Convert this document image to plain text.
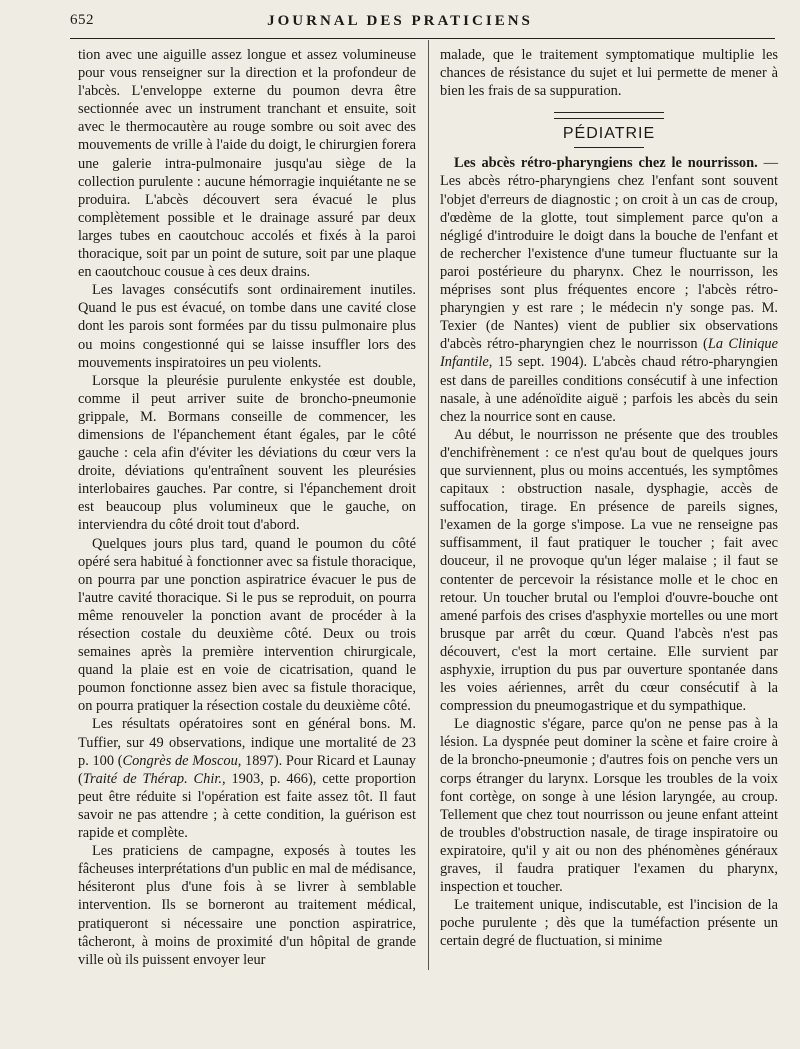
652	JOURNAL DES PRATICIENS

tion avec une aiguille assez longue et assez volumineuse pour vous renseigner sur la direction et la profondeur de l'abcès. L'enveloppe externe du poumon devra être sectionnée avec un instrument tranchant et ensuite, soit avec le thermocautère au rouge sombre ou soit avec des mouvements de vrille à l'aide du doigt, le chirurgien forera une galerie intra-pulmonaire jusqu'au siège de la collection purulente : aucune hémorragie inquiétante ne se produira. L'abcès découvert sera évacué le plus complètement possible et le drainage assuré par deux larges tubes en caoutchouc accolés et fixés à la paroi thoracique, soit par un point de suture, soit par une plaque en caoutchouc cousue à ces deux drains.

Les lavages consécutifs sont ordinairement inutiles. Quand le pus est évacué, on tombe dans une cavité close dont les parois sont formées par du tissu pulmonaire plus ou moins congestionné qui se laisse insuffler lors des mouvements inspiratoires un peu violents.

Lorsque la pleurésie purulente enkystée est double, comme il peut arriver suite de broncho-pneumonie grippale, M. Bormans conseille de commencer, les dimensions de l'épanchement étant égales, par le côté gauche : cela afin d'éviter les déviations du cœur vers la droite, déviations qu'entraînent souvent les pleurésies interlobaires gauches. Par contre, si l'épanchement droit est beaucoup plus volumineux que le gauche, on interviendra du côté droit tout d'abord.

Quelques jours plus tard, quand le poumon du côté opéré sera habitué à fonctionner avec sa fistule thoracique, on pourra par une ponction aspiratrice évacuer le pus de l'autre cavité thoracique. Si le pus se reproduit, on pourra même renouveler la ponction avant de procéder à la résection costale du deuxième côté. Deux ou trois semaines après la première intervention chirurgicale, quand la plaie est en voie de cicatrisation, quand le poumon fonctionne assez bien avec sa fistule thoracique, on pourra pratiquer la résection costale du deuxième côté.

Les résultats opératoires sont en général bons. M. Tuffier, sur 49 observations, indique une mortalité de 23 p. 100 (Congrès de Moscou, 1897). Pour Ricard et Launay (Traité de Thérap. Chir., 1903, p. 466), cette proportion peut être réduite si l'opération est faite assez tôt. Il faut savoir ne pas attendre ; à cette condition, la guérison est rapide et complète.

Les praticiens de campagne, exposés à toutes les fâcheuses interprétations d'un public en mal de médisance, hésiteront plus d'une fois à se livrer à semblable intervention. Ils se borneront au traitement médical, pratiqueront si nécessaire une ponction aspiratrice, tâcheront, à moins de proximité d'un hôpital de grande ville où ils puissent envoyer leur

malade, que le traitement symptomatique multiplie les chances de résistance du sujet et lui permette de mener à bien les frais de sa suppuration.

PÉDIATRIE

Les abcès rétro-pharyngiens chez le nourrisson. — Les abcès rétro-pharyngiens chez l'enfant sont souvent l'objet d'erreurs de diagnostic ; on croit à un cas de croup, d'œdème de la glotte, tout simplement parce qu'on a négligé d'introduire le doigt dans la bouche de l'enfant et de rechercher l'existence d'une tumeur fluctuante sur la paroi postérieure du pharynx. Chez le nourrisson, les méprises sont plus fréquentes encore ; l'abcès rétro-pharyngien y est rare ; le médecin n'y songe pas. M. Texier (de Nantes) vient de publier six observations d'abcès rétro-pharyngien chez le nourrisson (La Clinique Infantile, 15 sept. 1904). L'abcès chaud rétro-pharyngien est dans de pareilles conditions consécutif à une infection nasale, à une adénoïdite aiguë ; parfois les abcès du sein chez la nourrice sont en cause.

Au début, le nourrisson ne présente que des troubles d'enchifrènement : ce n'est qu'au bout de quelques jours que surviennent, plus ou moins accentués, les symptômes capitaux : obstruction nasale, dysphagie, accès de suffocation, tirage. En présence de pareils signes, l'examen de la gorge s'impose. La vue ne renseigne pas suffisamment, il faut pratiquer le toucher ; fait avec douceur, il ne provoque qu'un léger malaise ; il faut se contenter de percevoir la résistance molle et le choc en retour. Un toucher brutal ou l'emploi d'ouvre-bouche ont amené parfois des crises d'asphyxie mortelles ou une mort brusque par arrêt du cœur. Quand l'abcès n'est pas découvert, c'est la mort certaine. Elle survient par asphyxie, irruption du pus par ouverture spontanée dans les voies aériennes, arrêt du cœur consécutif à la compression du pneumogastrique et du sympathique.

Le diagnostic s'égare, parce qu'on ne pense pas à la lésion. La dyspnée peut dominer la scène et faire croire à de la broncho-pneumonie ; d'autres fois on penche vers un corps étranger du larynx. Lorsque les troubles de la voix font cortège, on songe à une lésion laryngée, au croup. Tellement que chez tout nourrisson ou jeune enfant atteint de troubles d'obstruction nasale, de tirage inspiratoire ou expiratoire, qu'il y ait ou non des phénomènes généraux graves, il faudra pratiquer l'examen du pharynx, inspection et toucher.

Le traitement unique, indiscutable, est l'incision de la poche purulente ; dès que la tuméfaction présente un certain degré de fluctuation, si minime
